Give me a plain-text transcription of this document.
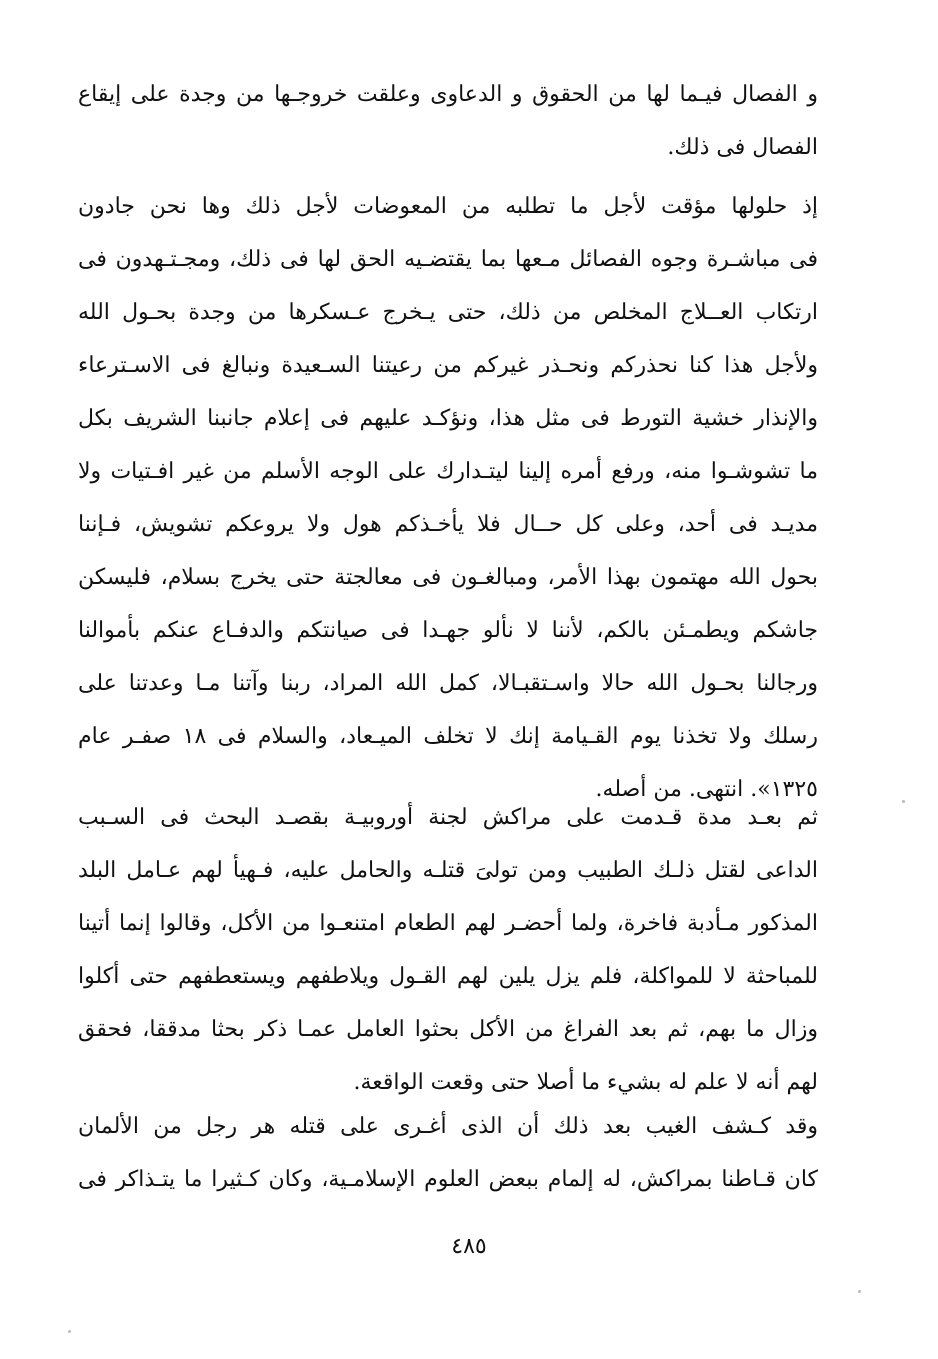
و الفصال فيـما لها من الحقوق و الدعاوى وعلقت خروجـها من وجدة على إيقاع
الفصال فى ذلك.
إذ حلولها مؤقت لأجل ما تطلبه من المعوضات لأجل ذلك وها نحن جادون
فى مباشـرة وجوه الفصائل مـعها بما يقتضـيه الحق لها فى ذلك، ومجـتـهدون فى
ارتكاب العــلاج المخلص من ذلك، حتى يـخرج عـسكرها من وجدة بحـول الله
ولأجل هذا كنا نحذركم ونحـذر غيركم من رعيتنا السـعيدة ونبالغ فى الاسـترعاء
والإنذار خشية التورط فى مثل هذا، ونؤكـد عليهم فى إعلام جانبنا الشريف بكل
ما تشوشـوا منه، ورفع أمره إلينا ليتـدارك على الوجه الأسلم من غير افـتيات ولا
مديـد فى أحد، وعلى كل حــال فلا يأخـذكم هول ولا يروعكم تشويش، فـإننا
بحول الله مهتمون بهذا الأمر، ومبالغـون فى معالجتة حتى يخرج بسلام، فليسكن
جاشكم ويطمـئن بالكم، لأننا لا نألو جهـدا فى صيانتكم والدفـاع عنكم بأموالنا
ورجالنا بحـول الله حالا واسـتقبـالا، كمل الله المراد، ربنا وآتنا مـا وعدتنا على
رسلك ولا تخذنا يوم القـيامة إنك لا تخلف الميـعاد، والسلام فى ١٨ صفـر عام
١٣٢٥». انتهى. من أصله.
ثم بعـد مدة قـدمت على مراكش لجنة أوروبيـة بقصـد البحث فى السـبب
الداعى لقتل ذلـك الطبيب ومن تولىَ قتلـه والحامل عليه، فـهيأ لهم عـامل البلد
المذكور مـأدبة فاخرة، ولما أحضـر لهم الطعام امتنعـوا من الأكل، وقالوا إنما أتينا
للمباحثة لا للمواكلة، فلم يزل يلين لهم القـول ويلاطفهم ويستعطفهم حتى أكلوا
وزال ما بهم، ثم بعد الفراغ من الأكل بحثوا العامل عمـا ذكر بحثا مدققا، فحقق
لهم أنه لا علم له بشيء ما أصلا حتى وقعت الواقعة.
وقد كـشف الغيب بعد ذلك أن الذى أغـرى على قتله هر رجل من الألمان
كان قـاطنا بمراكش، له إلمام ببعض العلوم الإسلامـية، وكان كـثيرا ما يتـذاكر فى
٤٨٥
